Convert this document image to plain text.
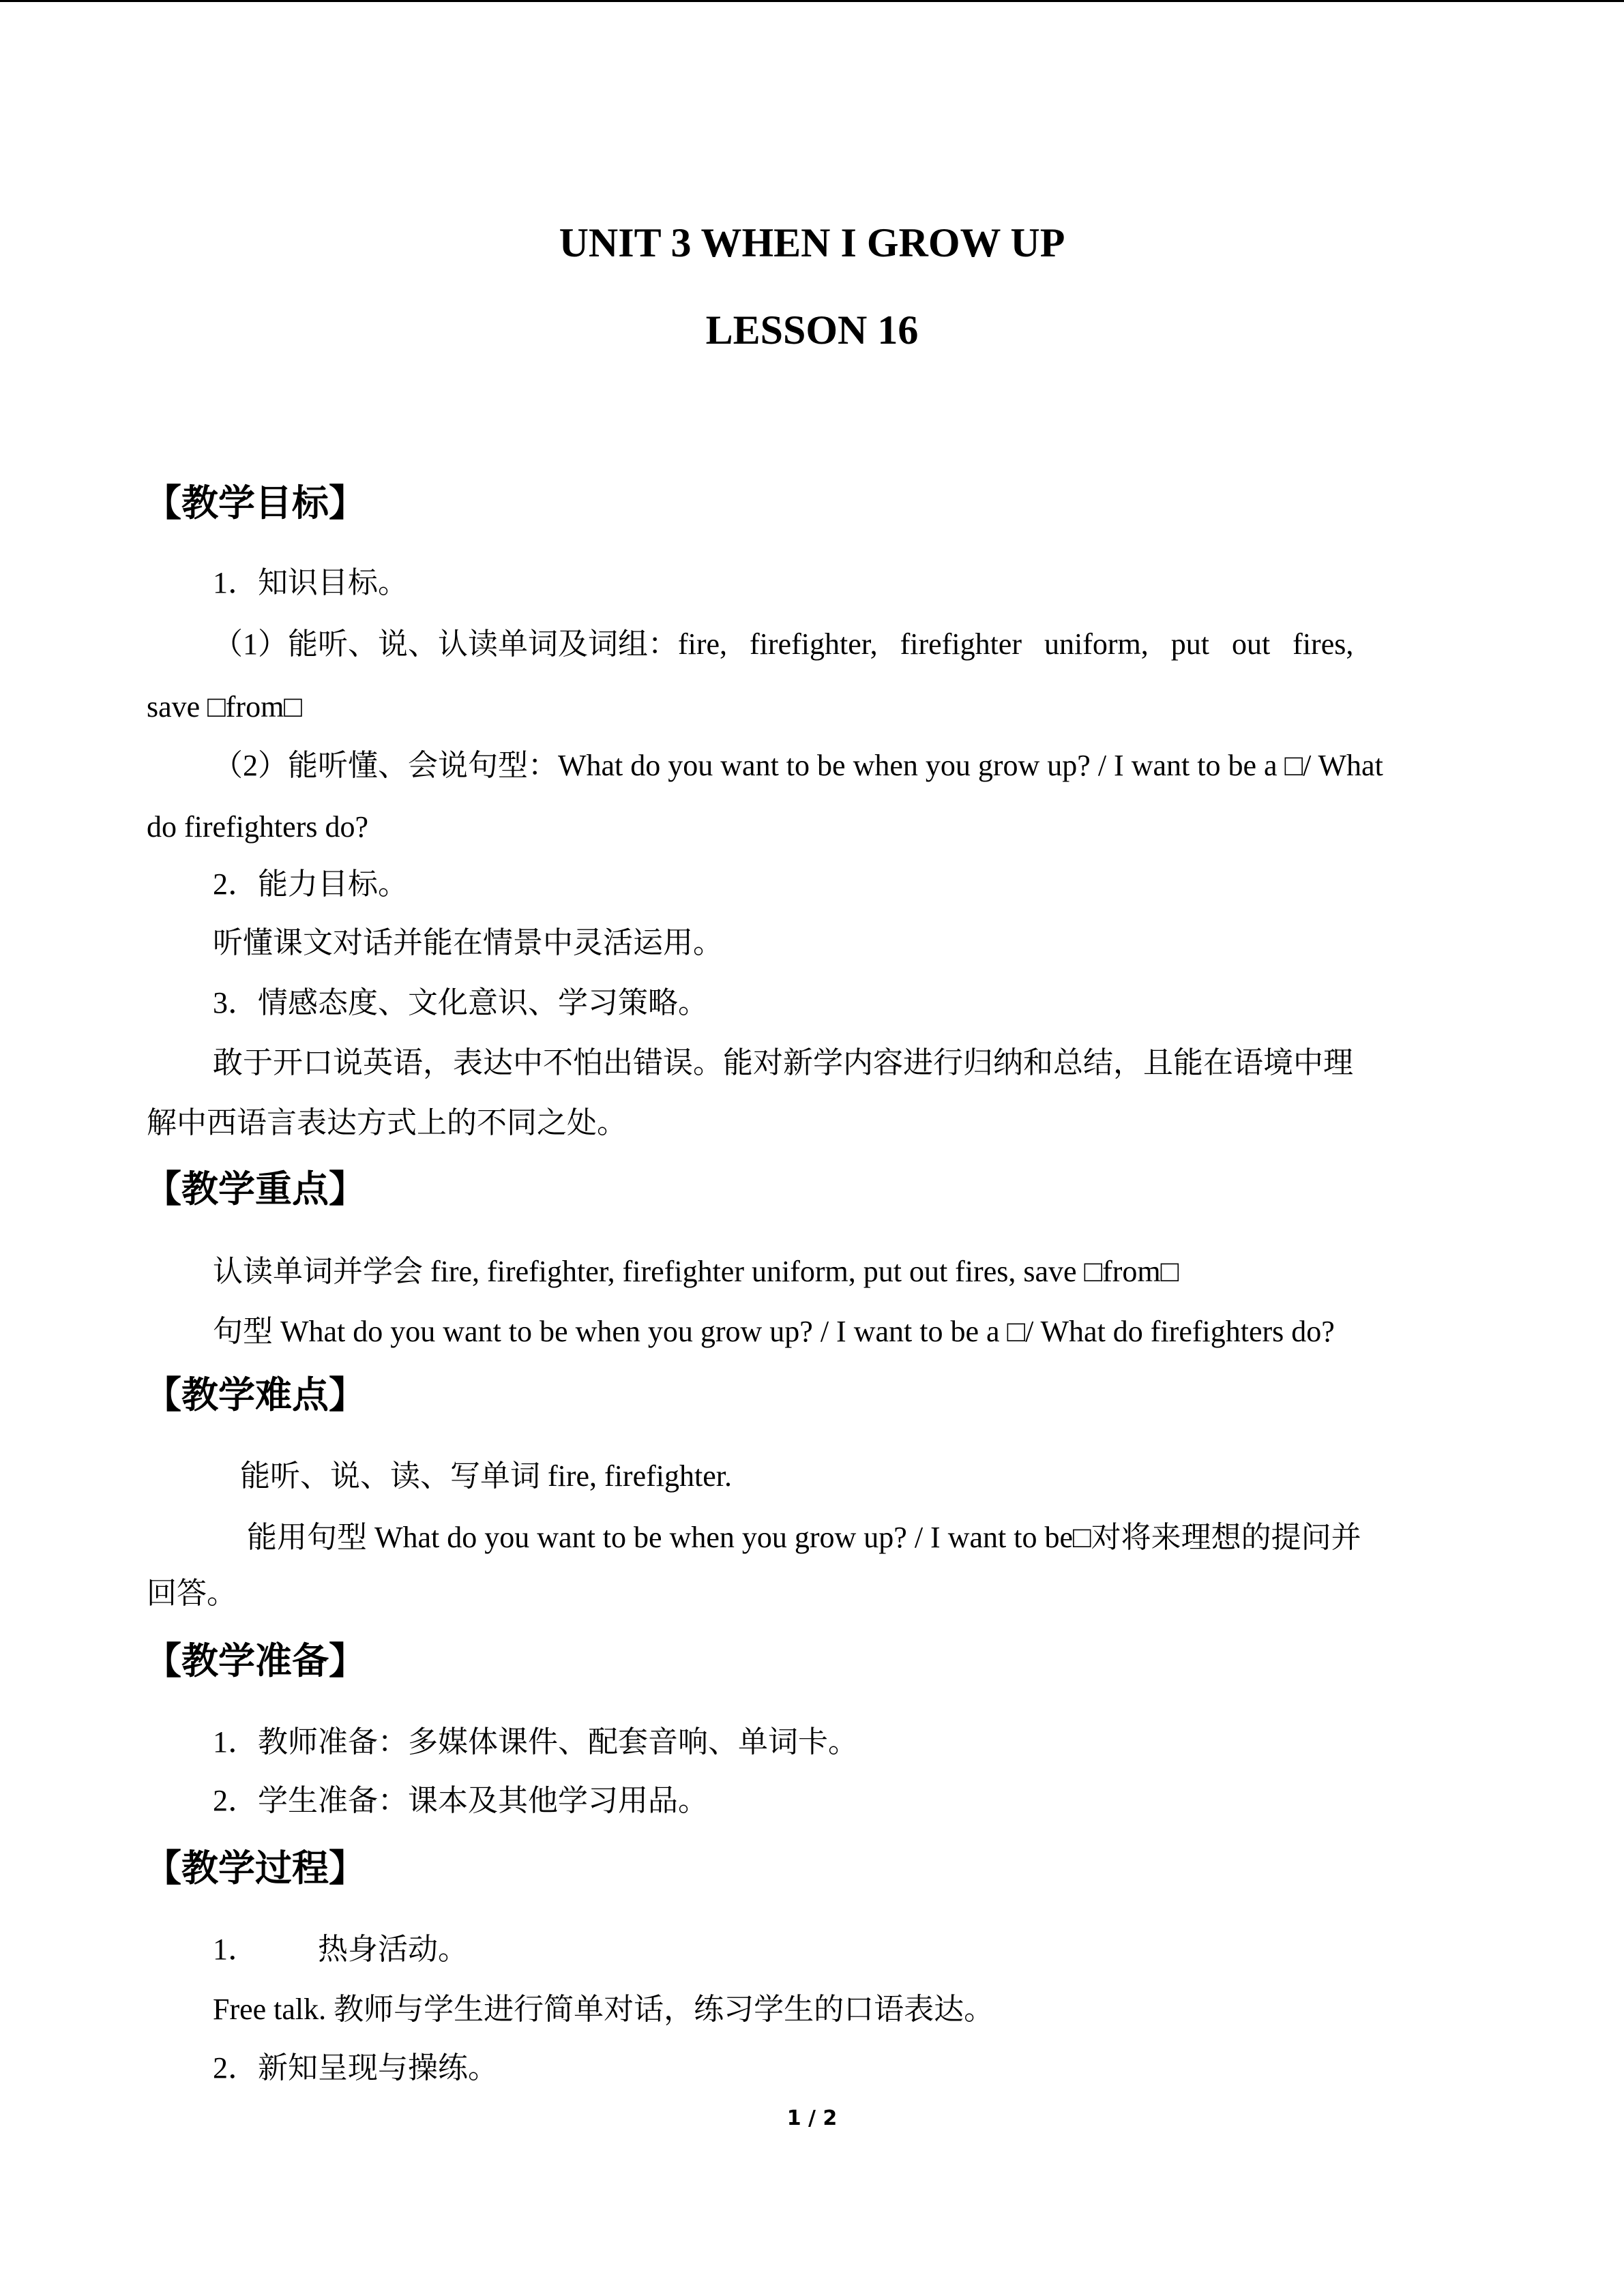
UNIT 3 WHEN I GROW UP
LESSON 16
【教学目标】
1．知识目标。
（1）能听、说、认读单词及词组：fire,   firefighter,   firefighter   uniform,   put   out   fires,
save □from□
（2）能听懂、会说句型：What do you want to be when you grow up? / I want to be a □/ What
do firefighters do?
2．能力目标。
听懂课文对话并能在情景中灵活运用。
3．情感态度、文化意识、学习策略。
敢于开口说英语，表达中不怕出错误。能对新学内容进行归纳和总结，且能在语境中理
解中西语言表达方式上的不同之处。
【教学重点】
认读单词并学会 fire, firefighter, firefighter uniform, put out fires, save □from□
句型 What do you want to be when you grow up? / I want to be a □/ What do firefighters do?
【教学难点】
能听、说、读、写单词 fire, firefighter.
能用句型 What do you want to be when you grow up? / I want to be□对将来理想的提问并
回答。
【教学准备】
1．教师准备：多媒体课件、配套音响、单词卡。
2．学生准备：课本及其他学习用品。
【教学过程】
1． 热身活动。
Free talk. 教师与学生进行简单对话，练习学生的口语表达。
2．新知呈现与操练。
1 / 2
